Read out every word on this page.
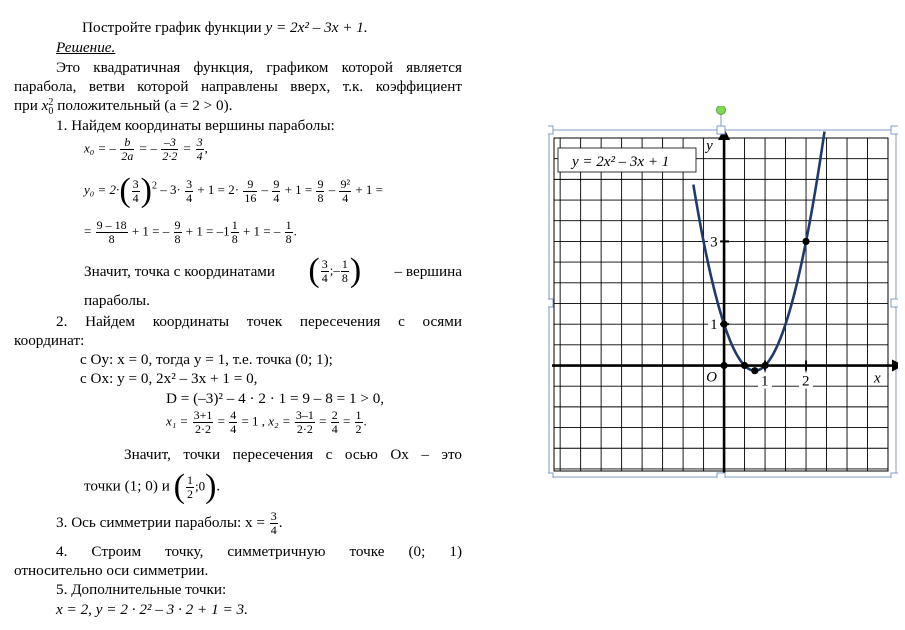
Постройте график функции y = 2x² – 3x + 1.
Решение.
Это квадратичная функция, графиком которой является
парабола, ветви которой направлены вверх, т.к. коэффициент
при x 2
0 положительный (a = 2 > 0).
1. Найдем координаты вершины параболы:
x₀ = – $\frac{b}{2a}$ = – $\frac{-3}{2\cdot 2} = \frac{3}{4}$ ,
$y_0 = 2\cdot( \frac{3}{4} )^2 - 3\cdot \frac{3}{4} + 1 = 2\cdot \frac{9}{16} - \frac{9}{4} + 1 = \frac{9}{8} - \frac{\text{9²}}{4} + 1$ =
= $\frac{9 - 18}{8} + 1$ = – $\frac{9}{8} + 1 = -1 \frac{1}{8} + 1$ = – $\frac{1}{8}$ .
Значит, точка с координатами ( $\frac{3}{4}$ ;– $\frac{1}{8}$ ) – вершина
параболы.
2. Найдем координаты точек пересечения с осями
координат:
с Oy: x = 0, тогда y = 1, т.е. точка (0; 1);
с Ox: y = 0, 2x² – 3x + 1 = 0,
D = (–3)² – 4 · 2 · 1 = 9 – 8 = 1 > 0,
$x_1 = \frac{3+1}{2\cdot 2} = \frac{4}{4} = 1$ , $x_2 = \frac{3-1}{2\cdot 2} = \frac{2}{4} = \frac{1}{2}$ .
Значит, точки пересечения с осью Ox – это
точки (1; 0) и ( $\frac{1}{2}$ ;0).
3. Ось симметрии параболы: $x = \frac{3}{4}$ .
4. Строим точку, симметричную точке (0; 1)
относительно оси симметрии.
5. Дополнительные точки:
x = 2, y = 2 · 2² – 3 · 2 + 1 = 3.
y = 2x² – 3x + 1
x
y
O	1 2
1
3
